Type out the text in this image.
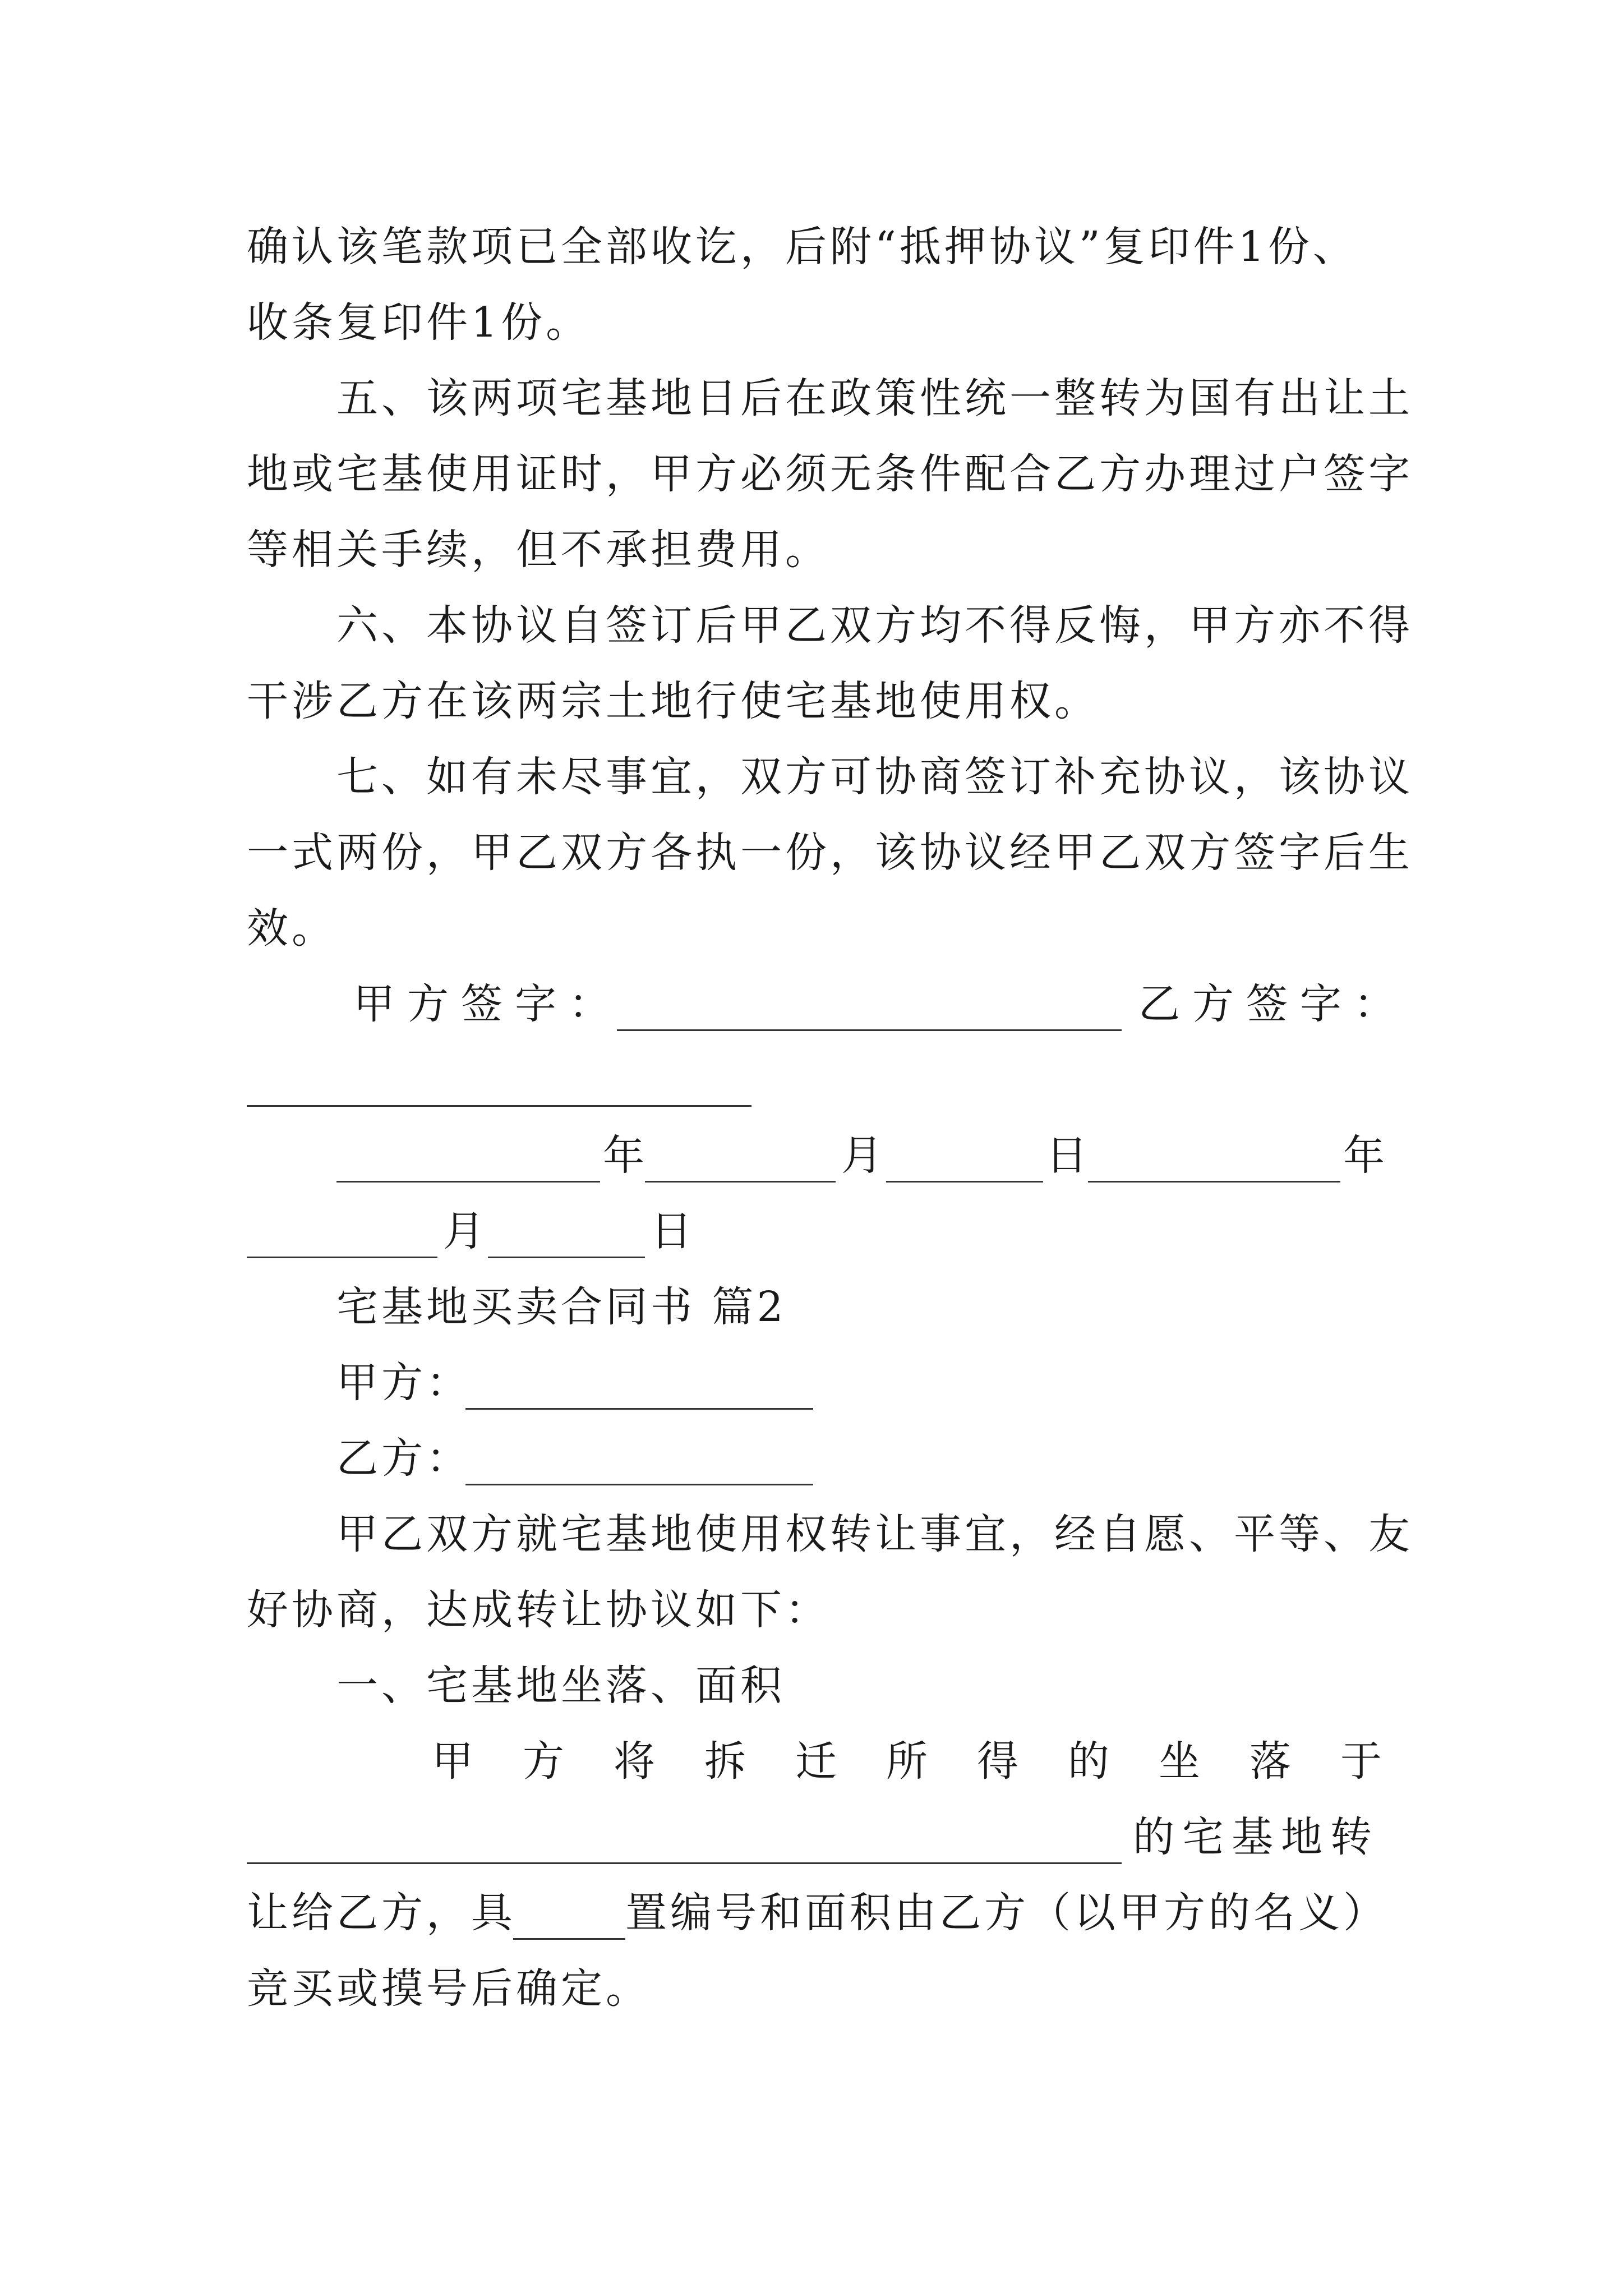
确认该笔款项已全部收讫，后附“抵押协议”复印件1份、
收条复印件1份。
五、该两项宅基地日后在政策性统一整转为国有出让土
地或宅基使用证时，甲方必须无条件配合乙方办理过户签字
等相关手续，但不承担费用。
六、本协议自签订后甲乙双方均不得反悔，甲方亦不得
干涉乙方在该两宗土地行使宅基地使用权。
七、如有未尽事宜，双方可协商签订补充协议，该协议
一式两份，甲乙双方各执一份，该协议经甲乙双方签字后生
效。
甲方签字：	乙方签字：
年	月	日	年
月	日
宅基地买卖合同书 篇2
甲方：
乙方：
甲乙双方就宅基地使用权转让事宜，经自愿、平等、友
好协商，达成转让协议如下：
一、宅基地坐落、面积
甲 方 将 拆 迁 所 得 的 坐 落 于
的宅基地转
让给乙方，具	置编号和面积由乙方（以甲方的名义）
竞买或摸号后确定。
